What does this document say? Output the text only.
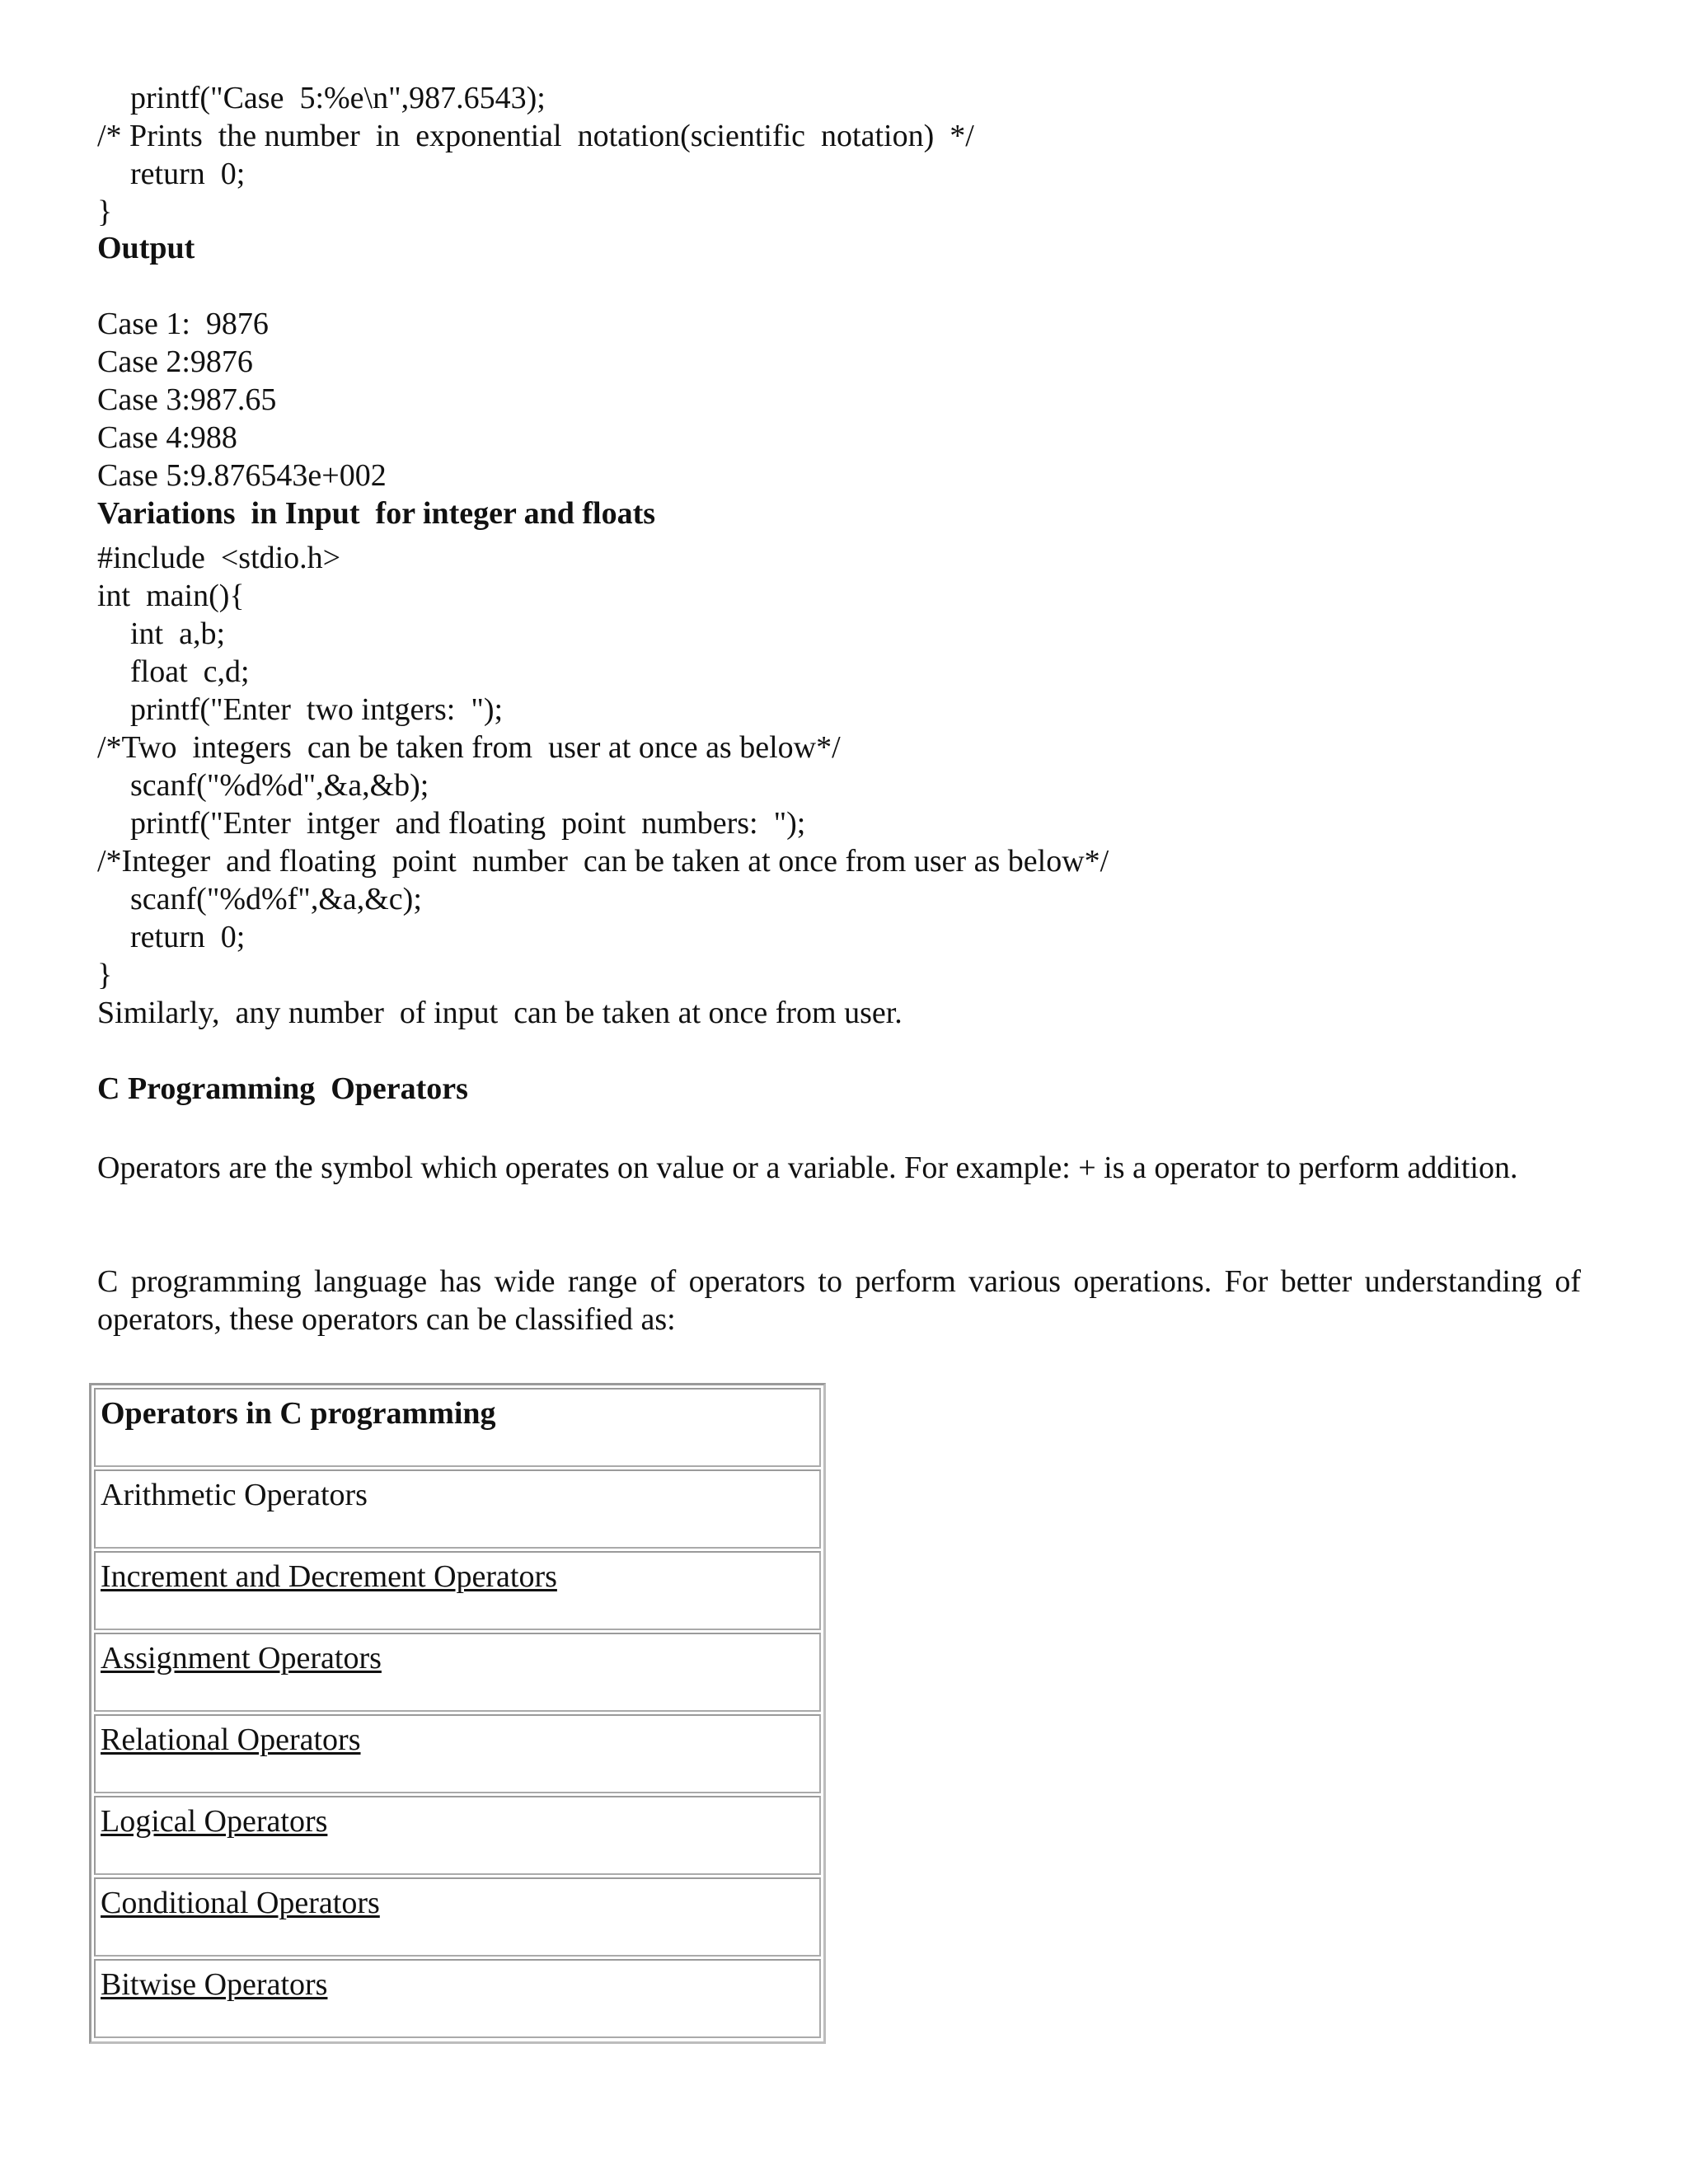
printf("Case  5:%e\n",987.6543);
/* Prints  the number  in  exponential  notation(scientific  notation)  */
return  0;
}
Output
Case 1:  9876
Case 2:9876
Case 3:987.65
Case 4:988
Case 5:9.876543e+002
Variations  in Input  for integer and floats
#include  <stdio.h>
int  main(){
int  a,b;
float  c,d;
printf("Enter  two intgers:  ");
/*Two  integers  can be taken from  user at once as below*/
scanf("%d%d",&a,&b);
printf("Enter  intger  and floating  point  numbers:  ");
/*Integer  and floating  point  number  can be taken at once from user as below*/
scanf("%d%f",&a,&c);
return  0;
}
Similarly,  any number  of input  can be taken at once from user.
C Programming  Operators
Operators are the symbol which operates on value or a variable. For example: + is a operator to perform addition.
C programming language has wide range of operators to perform various operations. For better understanding of operators, these operators can be classified as:
Operators in C programming
Arithmetic Operators
Increment and Decrement Operators
Assignment Operators
Relational Operators
Logical Operators
Conditional Operators
Bitwise Operators
